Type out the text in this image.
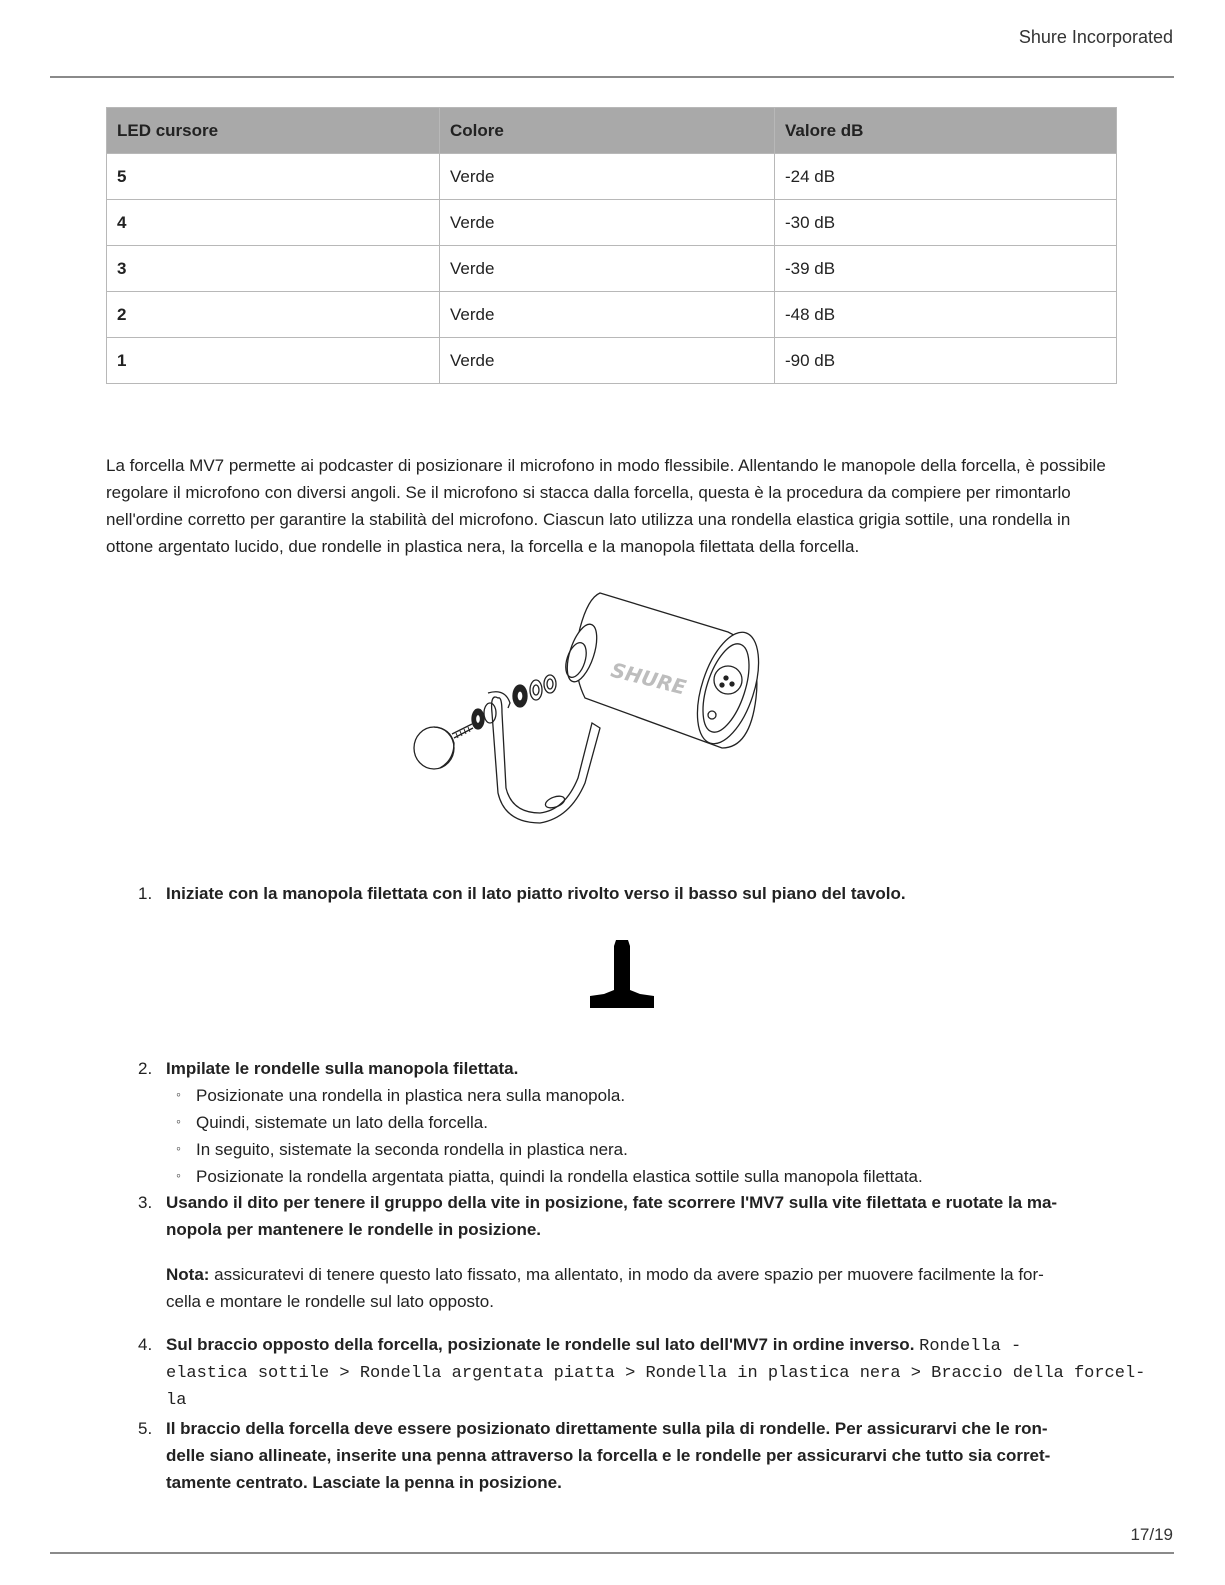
Shure Incorporated
LED cursore	Colore	Valore dB
5	Verde	-24 dB
4	Verde	-30 dB
3	Verde	-39 dB
2	Verde	-48 dB
1	Verde	-90 dB
La forcella MV7 permette ai podcaster di posizionare il microfono in modo flessibile. Allentando le manopole della forcella, è possibile regolare il microfono con diversi angoli. Se il microfono si stacca dalla forcella, questa è la procedura da compiere per rimontarlo nell'ordine corretto per garantire la stabilità del microfono. Ciascun lato utilizza una rondella elastica grigia sottile, una rondella in ottone argentato lucido, due rondelle in plastica nera, la forcella e la manopola filettata della forcella.
SHURE
1. Iniziate con la manopola filettata con il lato piatto rivolto verso il basso sul piano del tavolo.
2. Impilate le rondelle sulla manopola filettata.
◦ Posizionate una rondella in plastica nera sulla manopola.
◦ Quindi, sistemate un lato della forcella.
◦ In seguito, sistemate la seconda rondella in plastica nera.
◦ Posizionate la rondella argentata piatta, quindi la rondella elastica sottile sulla manopola filettata.
3. Usando il dito per tenere il gruppo della vite in posizione, fate scorrere l'MV7 sulla vite filettata e ruotate la ma-
nopola per mantenere le rondelle in posizione.
Nota: assicuratevi di tenere questo lato fissato, ma allentato, in modo da avere spazio per muovere facilmente la for-
cella e montare le rondelle sul lato opposto.
4. Sul braccio opposto della forcella, posizionate le rondelle sul lato dell'MV7 in ordine inverso. Rondella -
elastica sottile > Rondella argentata piatta > Rondella in plastica nera > Braccio della forcel-
la
5. Il braccio della forcella deve essere posizionato direttamente sulla pila di rondelle. Per assicurarvi che le ron-
delle siano allineate, inserite una penna attraverso la forcella e le rondelle per assicurarvi che tutto sia corret-
tamente centrato. Lasciate la penna in posizione.
17/19
